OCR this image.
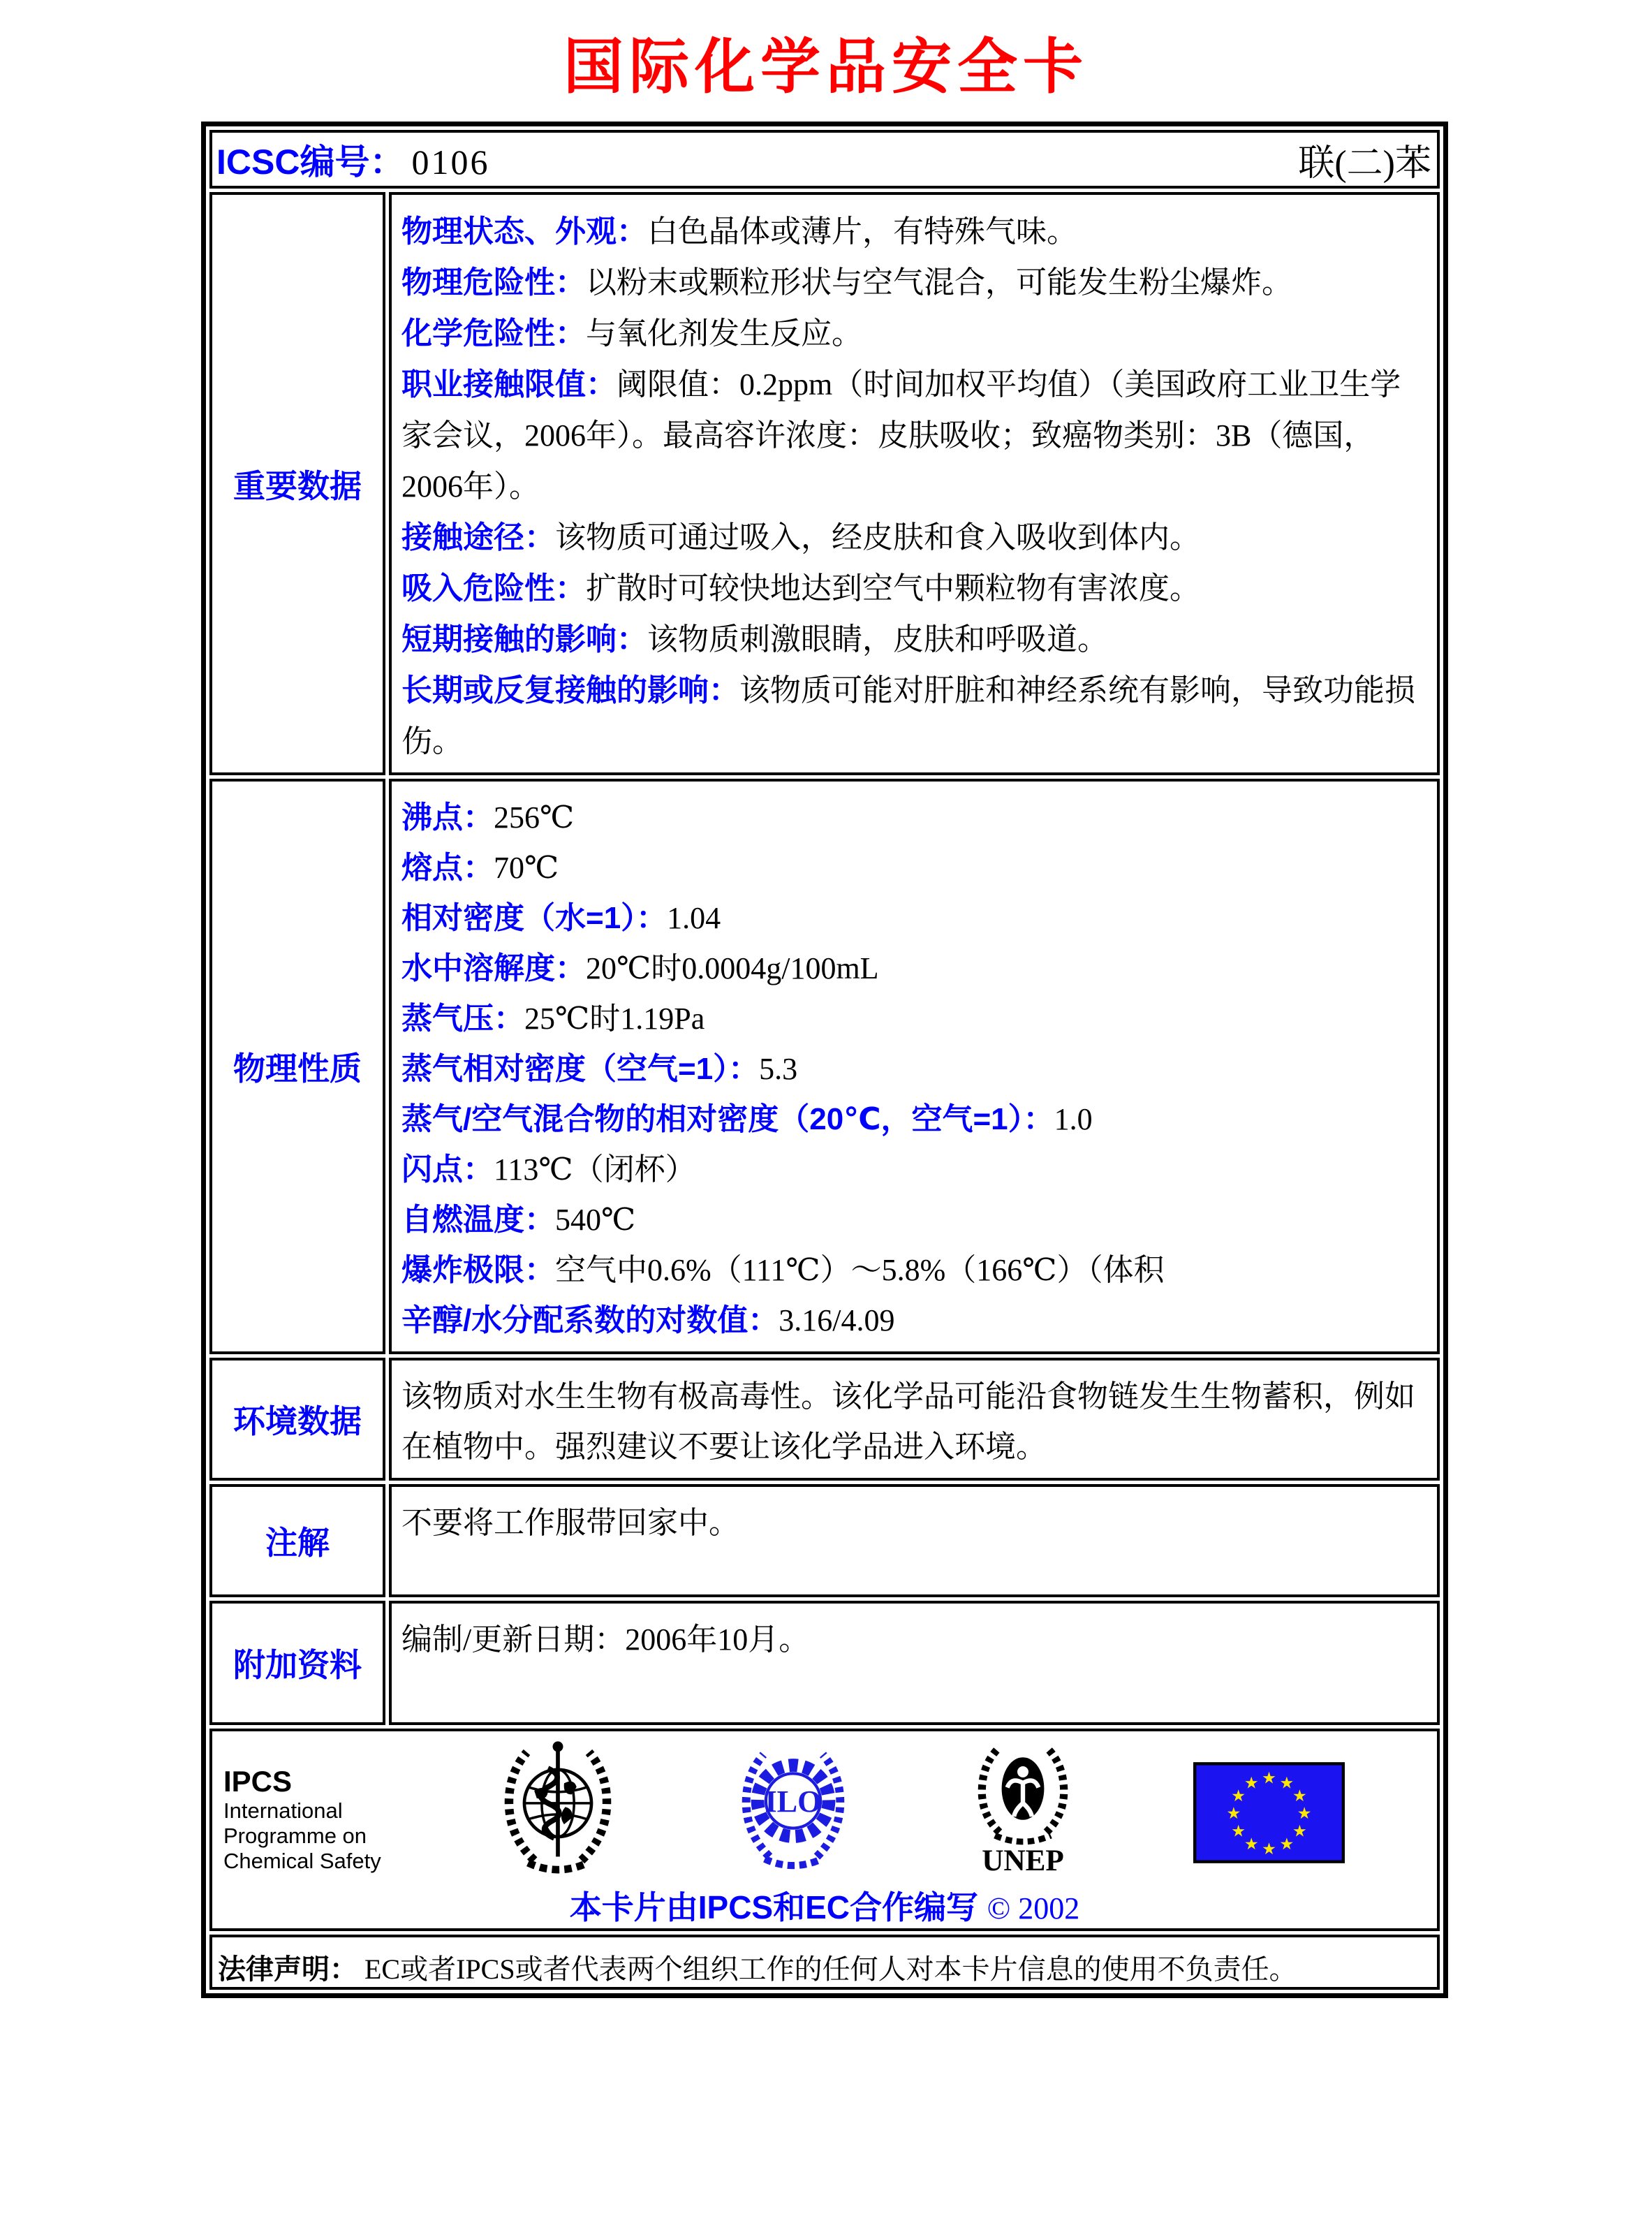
国际化学品安全卡
ICSC编号： 0106 联(二)苯	

重要数据	
物理状态、外观：白色晶体或薄片，有特殊气味。
物理危险性：以粉末或颗粒形状与空气混合，可能发生粉尘爆炸。
化学危险性：与氧化剂发生反应。
职业接触限值：阈限值：0.2ppm（时间加权平均值）（美国政府工业卫生学家会议，2006年）。最高容许浓度：皮肤吸收；致癌物类别：3B（德国，2006年）。
接触途径：该物质可通过吸入，经皮肤和食入吸收到体内。
吸入危险性：扩散时可较快地达到空气中颗粒物有害浓度。
短期接触的影响：该物质刺激眼睛，皮肤和呼吸道。
长期或反复接触的影响：该物质可能对肝脏和神经系统有影响，导致功能损伤。

物理性质	
沸点：256℃
熔点：70℃
相对密度（水=1）：1.04
水中溶解度：20℃时0.0004g/100mL
蒸气压：25℃时1.19Pa
蒸气相对密度（空气=1）：5.3
蒸气/空气混合物的相对密度（20℃，空气=1）：1.0
闪点：113℃（闭杯）
自燃温度：540℃
爆炸极限：空气中0.6%（111℃）～5.8%（166℃）（体积
辛醇/水分配系数的对数值：3.16/4.09

环境数据	该物质对水生生物有极高毒性。该化学品可能沿食物链发生生物蓄积，例如在植物中。强烈建议不要让该化学品进入环境。

注解	不要将工作服带回家中。

附加资料	编制/更新日期：2006年10月。

IPCS
International
Programme on
Chemical Safety
ILO
UNEP
★ ★
★
★
★
★
★
★
★
★
★
★
本卡片由IPCS和EC合作编写 © 2002

法律声明： EC或者IPCS或者代表两个组织工作的任何人对本卡片信息的使用不负责任。	
